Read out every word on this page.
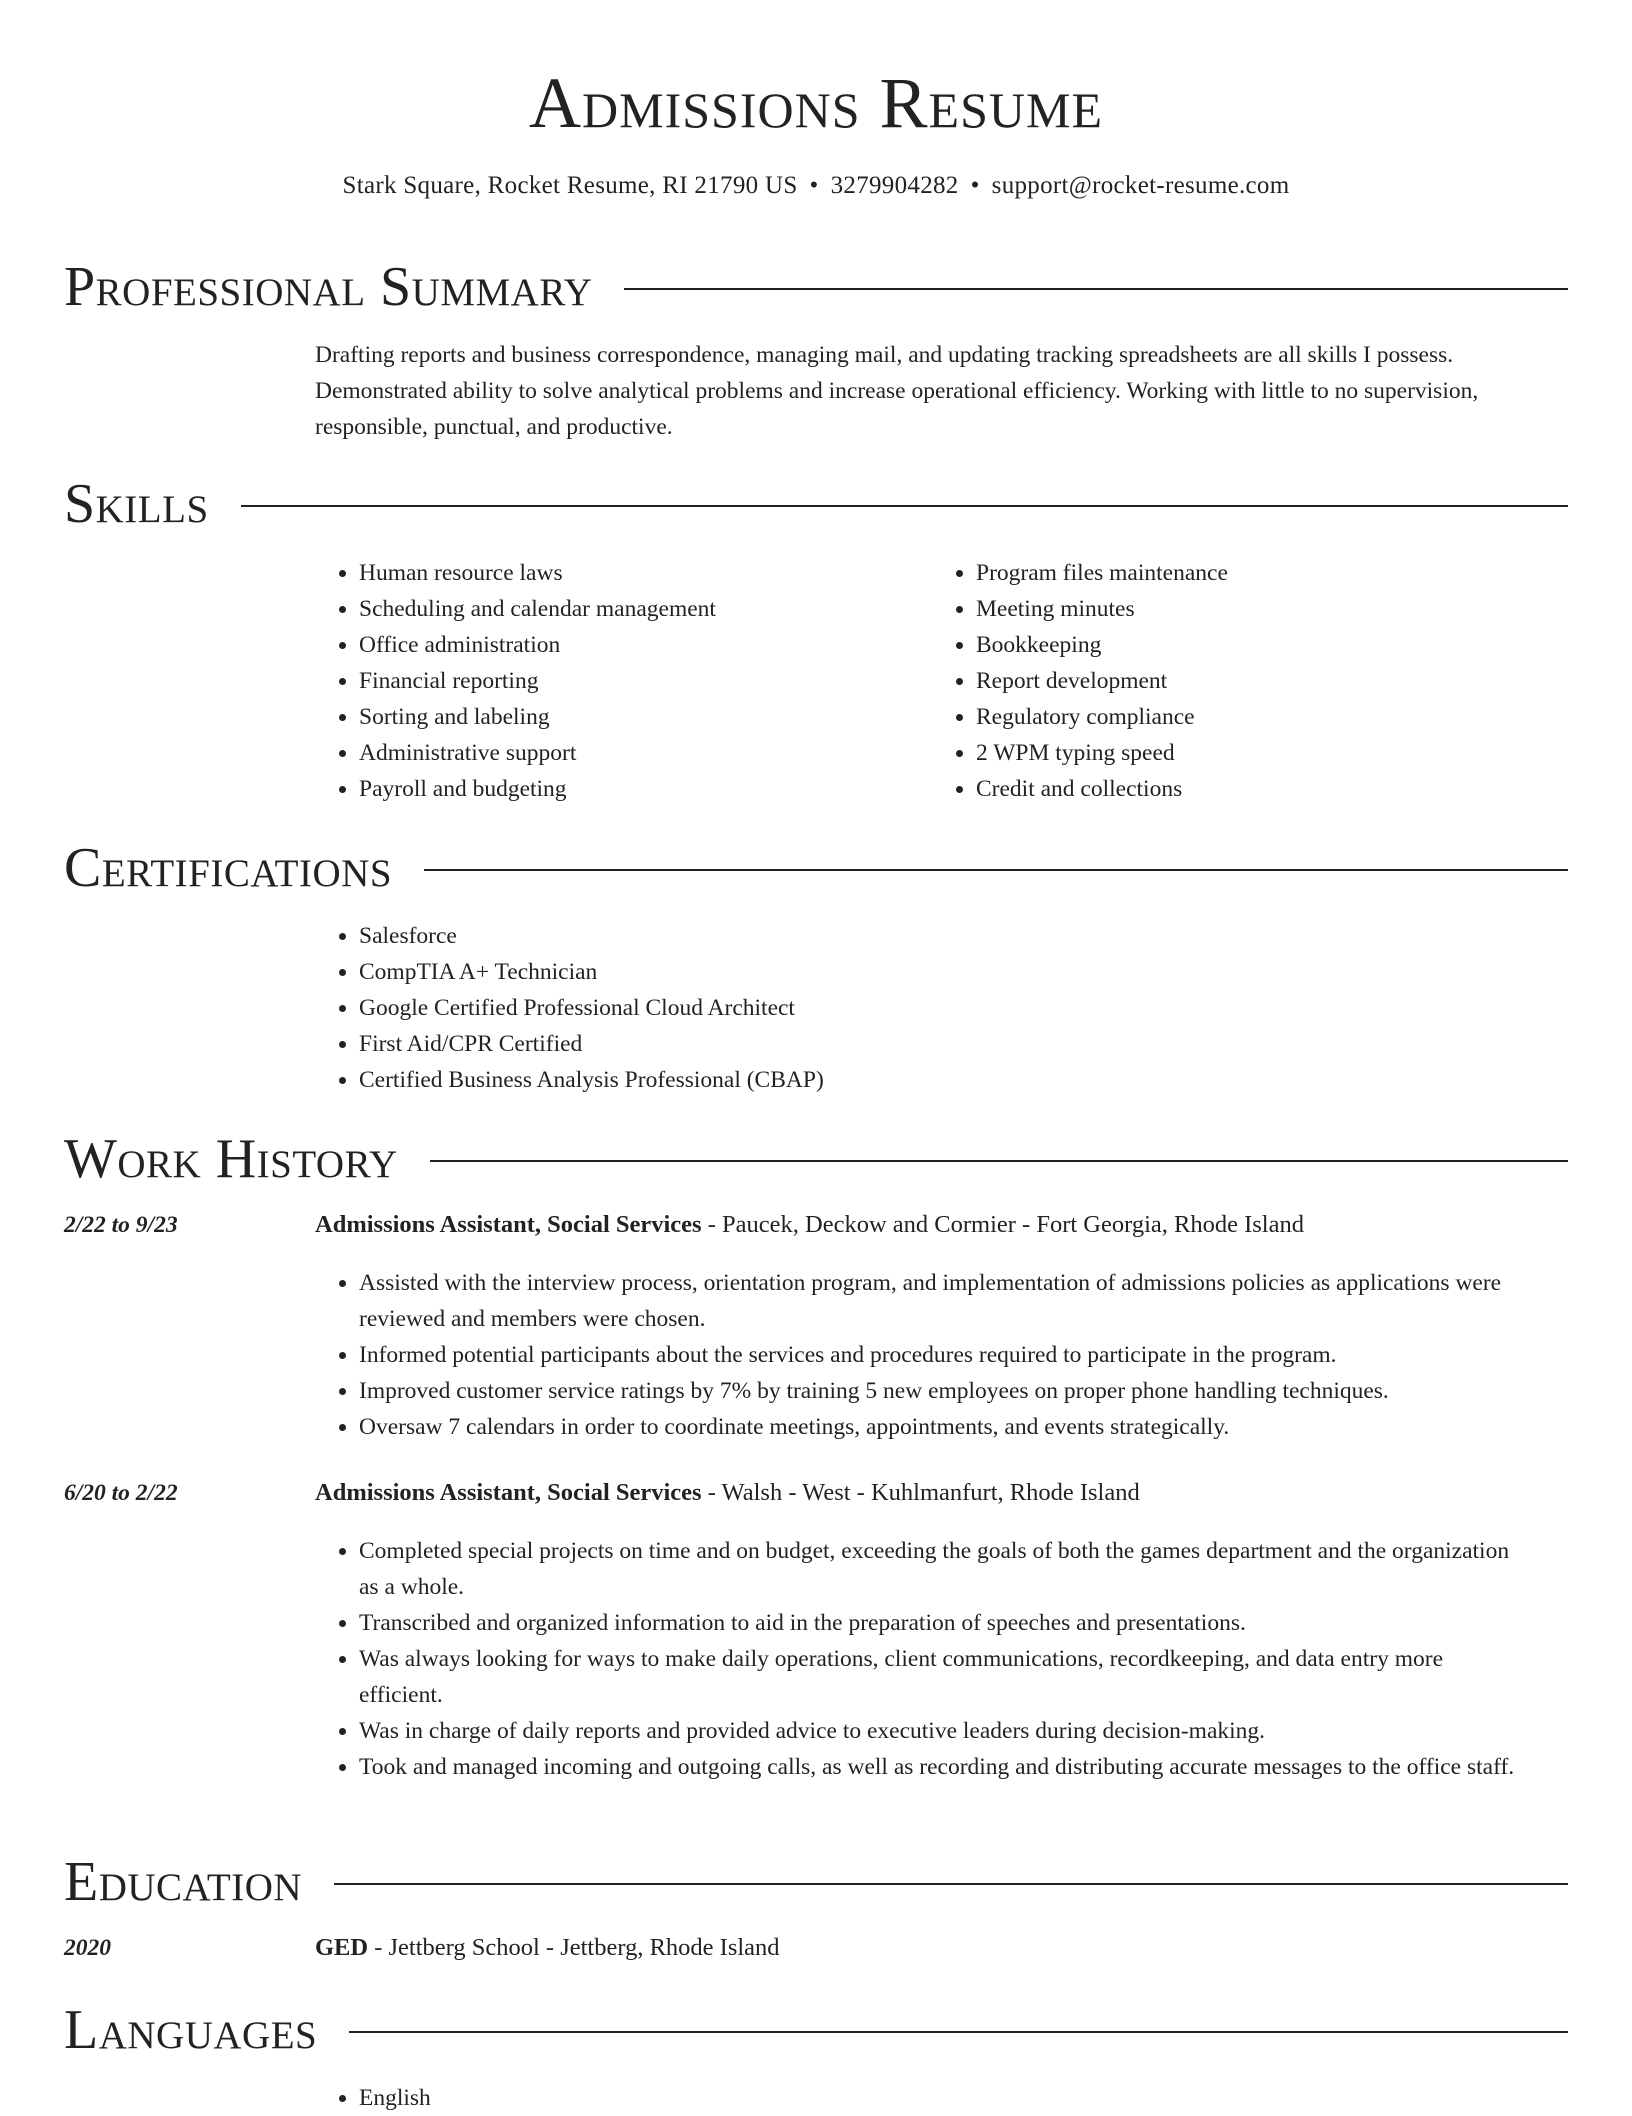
Admissions Resume
Stark Square, Rocket Resume, RI 21790 US • 3279904282 • support@rocket-resume.com
Professional Summary
Drafting reports and business correspondence, managing mail, and updating tracking spreadsheets are all skills I possess. Demonstrated ability to solve analytical problems and increase operational efficiency. Working with little to no supervision, responsible, punctual, and productive.
Skills
• Human resource laws
• Scheduling and calendar management
• Office administration
• Financial reporting
• Sorting and labeling
• Administrative support
• Payroll and budgeting
• Program files maintenance
• Meeting minutes
• Bookkeeping
• Report development
• Regulatory compliance
• 2 WPM typing speed
• Credit and collections
Certifications
• Salesforce
• CompTIA A+ Technician
• Google Certified Professional Cloud Architect
• First Aid/CPR Certified
• Certified Business Analysis Professional (CBAP)
Work History
2/22 to 9/23	Admissions Assistant, Social Services - Paucek, Deckow and Cormier - Fort Georgia, Rhode Island
• Assisted with the interview process, orientation program, and implementation of admissions policies as applications were reviewed and members were chosen.
• Informed potential participants about the services and procedures required to participate in the program.
• Improved customer service ratings by 7% by training 5 new employees on proper phone handling techniques.
• Oversaw 7 calendars in order to coordinate meetings, appointments, and events strategically.
6/20 to 2/22	Admissions Assistant, Social Services - Walsh - West - Kuhlmanfurt, Rhode Island
• Completed special projects on time and on budget, exceeding the goals of both the games department and the organization as a whole.
• Transcribed and organized information to aid in the preparation of speeches and presentations.
• Was always looking for ways to make daily operations, client communications, recordkeeping, and data entry more efficient.
• Was in charge of daily reports and provided advice to executive leaders during decision-making.
• Took and managed incoming and outgoing calls, as well as recording and distributing accurate messages to the office staff.
Education
2020	GED - Jettberg School - Jettberg, Rhode Island
Languages
• English
